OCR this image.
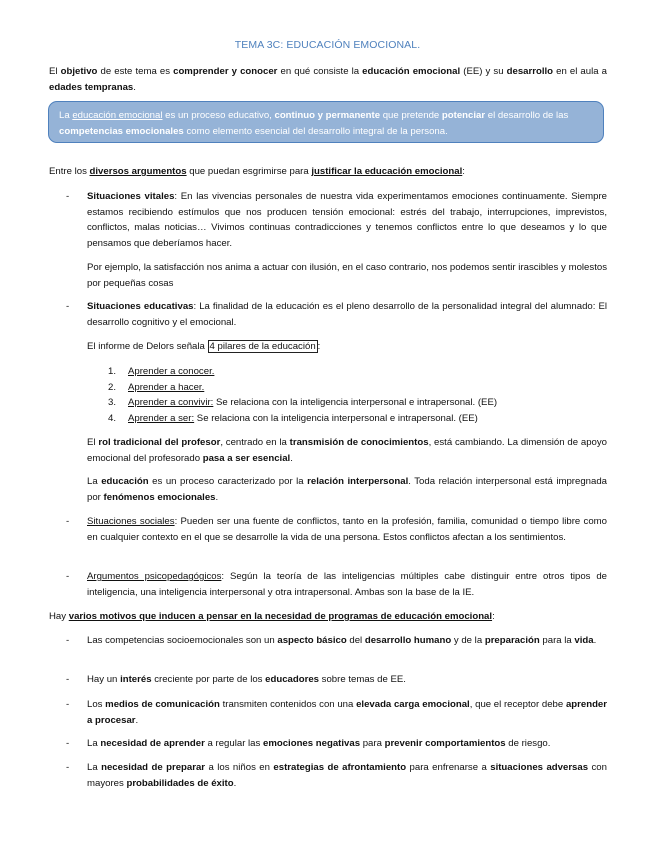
TEMA 3C: EDUCACIÓN EMOCIONAL.
El objetivo de este tema es comprender y conocer en qué consiste la educación emocional (EE) y su desarrollo en el aula a edades tempranas.
La educación emocional es un proceso educativo, continuo y permanente que pretende potenciar el desarrollo de las competencias emocionales como elemento esencial del desarrollo integral de la persona.
Entre los diversos argumentos que puedan esgrimirse para justificar la educación emocional:
- Situaciones vitales: En las vivencias personales de nuestra vida experimentamos emociones continuamente. Siempre estamos recibiendo estímulos que nos producen tensión emocional: estrés del trabajo, interrupciones, imprevistos, conflictos, malas noticias… Vivimos continuas contradicciones y tenemos conflictos entre lo que deseamos y lo que pensamos que deberíamos hacer.
Por ejemplo, la satisfacción nos anima a actuar con ilusión, en el caso contrario, nos podemos sentir irascibles y molestos por pequeñas cosas
- Situaciones educativas: La finalidad de la educación es el pleno desarrollo de la personalidad integral del alumnado: El desarrollo cognitivo y el emocional.
El informe de Delors señala 4 pilares de la educación :
1.	Aprender a conocer.
2.	Aprender a hacer.
3.	Aprender a convivir: Se relaciona con la inteligencia interpersonal e intrapersonal. (EE)
4.	Aprender a ser: Se relaciona con la inteligencia interpersonal e intrapersonal. (EE)
El rol tradicional del profesor, centrado en la transmisión de conocimientos, está cambiando. La dimensión de apoyo emocional del profesorado pasa a ser esencial.
La educación es un proceso caracterizado por la relación interpersonal. Toda relación interpersonal está impregnada por fenómenos emocionales.
- Situaciones sociales: Pueden ser una fuente de conflictos, tanto en la profesión, familia, comunidad o tiempo libre como en cualquier contexto en el que se desarrolle la vida de una persona. Estos conflictos afectan a los sentimientos.
- Argumentos psicopedagógicos: Según la teoría de las inteligencias múltiples cabe distinguir entre otros tipos de inteligencia, una inteligencia interpersonal y otra intrapersonal. Ambas son la base de la IE.
Hay varios motivos que inducen a pensar en la necesidad de programas de educación emocional:
- Las competencias socioemocionales son un aspecto básico del desarrollo humano y de la preparación para la vida.
- Hay un interés creciente por parte de los educadores sobre temas de EE.
- Los medios de comunicación transmiten contenidos con una elevada carga emocional, que el receptor debe aprender a procesar.
- La necesidad de aprender a regular las emociones negativas para prevenir comportamientos de riesgo.
- La necesidad de preparar a los niños en estrategias de afrontamiento para enfrenarse a situaciones adversas con mayores probabilidades de éxito.
